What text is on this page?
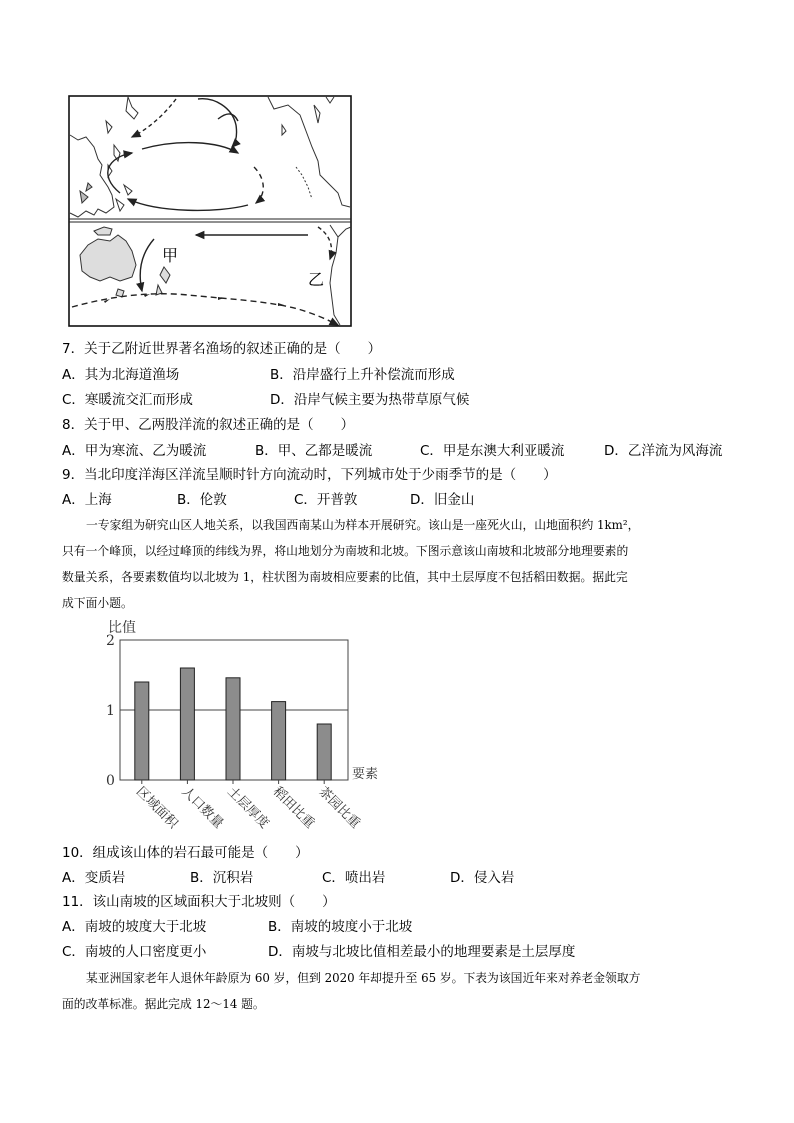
甲
乙
7．关于乙附近世界著名渔场的叙述正确的是（　　）
A．其为北海道渔场	B．沿岸盛行上升补偿流而形成
C．寒暖流交汇而形成	D．沿岸气候主要为热带草原气候
8．关于甲、乙两股洋流的叙述正确的是（　　）
A．甲为寒流、乙为暖流	B．甲、乙都是暖流	C．甲是东澳大利亚暖流	D．乙洋流为风海流
9．当北印度洋海区洋流呈顺时针方向流动时，下列城市处于少雨季节的是（　　）
A．上海	B．伦敦	C．开普敦	D．旧金山
一专家组为研究山区人地关系，以我国西南某山为样本开展研究。该山是一座死火山，山地面积约 1km²，
只有一个峰顶，以经过峰顶的纬线为界，将山地划分为南坡和北坡。下图示意该山南坡和北坡部分地理要素的
数量关系，各要素数值均以北坡为 1，柱状图为南坡相应要素的比值，其中土层厚度不包括稻田数据。据此完
成下面小题。
比值
要素
0
1
2
区域面积
人口数量
土层厚度
稻田比重
茶园比重
10．组成该山体的岩石最可能是（　　）
A．变质岩	B．沉积岩	C．喷出岩	D．侵入岩
11．该山南坡的区域面积大于北坡则（　　）
A．南坡的坡度大于北坡	B．南坡的坡度小于北坡
C．南坡的人口密度更小	D．南坡与北坡比值相差最小的地理要素是土层厚度
某亚洲国家老年人退休年龄原为 60 岁，但到 2020 年却提升至 65 岁。下表为该国近年来对养老金领取方
面的改革标准。据此完成 12～14 题。
